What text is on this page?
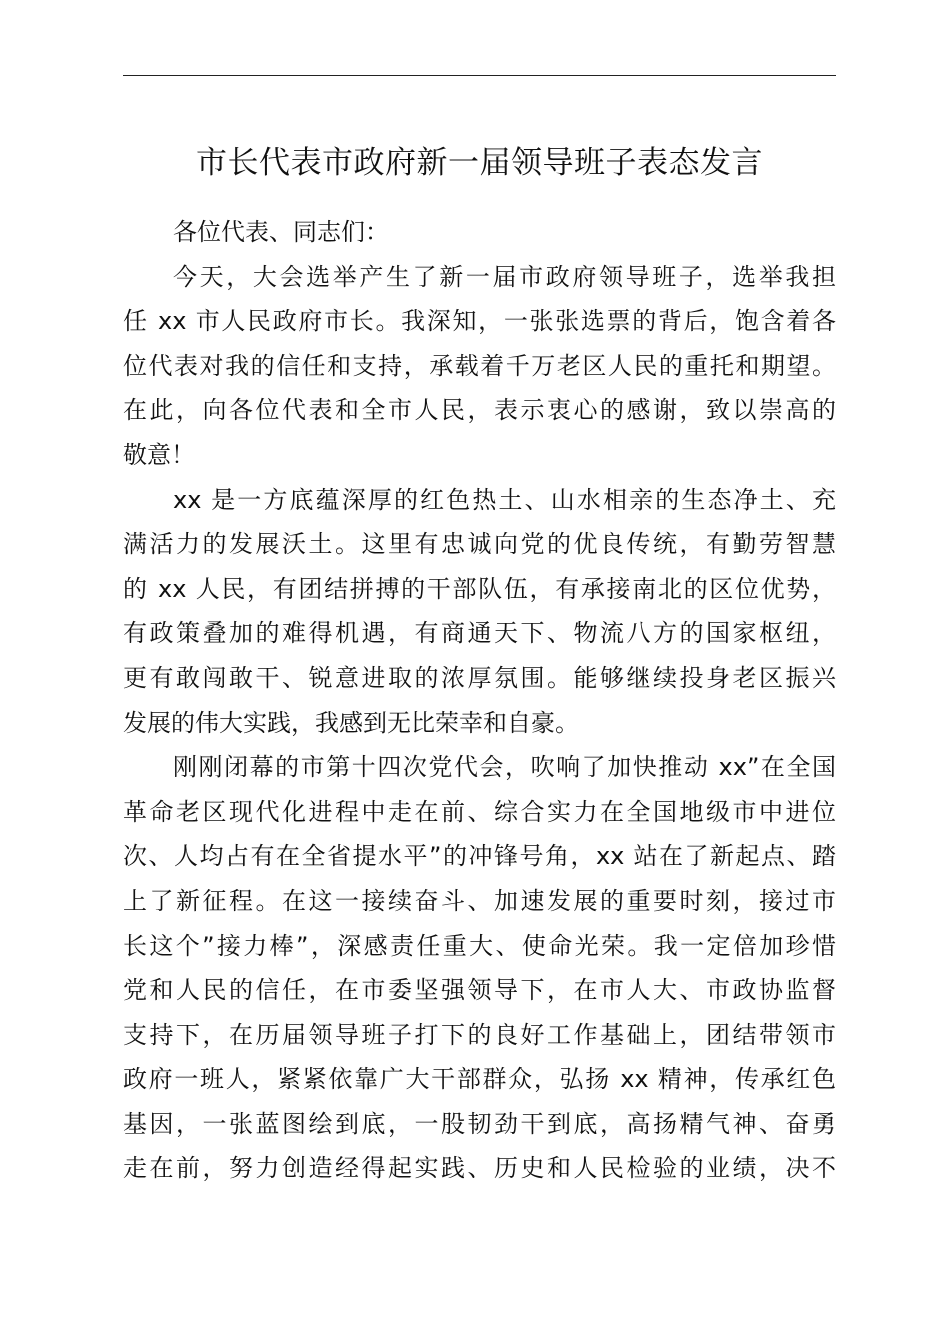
市长代表市政府新一届领导班子表态发言
各位代表、同志们：
今天，大会选举产生了新一届市政府领导班子，选举我担
任 xx 市人民政府市长。我深知，一张张选票的背后，饱含着各
位代表对我的信任和支持，承载着千万老区人民的重托和期望。
在此，向各位代表和全市人民，表示衷心的感谢，致以崇高的
敬意！
xx 是一方底蕴深厚的红色热土、山水相亲的生态净土、充
满活力的发展沃土。这里有忠诚向党的优良传统，有勤劳智慧
的 xx 人民，有团结拼搏的干部队伍，有承接南北的区位优势，
有政策叠加的难得机遇，有商通天下、物流八方的国家枢纽，
更有敢闯敢干、锐意进取的浓厚氛围。能够继续投身老区振兴
发展的伟大实践，我感到无比荣幸和自豪。
刚刚闭幕的市第十四次党代会，吹响了加快推动 xx”在全国
革命老区现代化进程中走在前、综合实力在全国地级市中进位
次、人均占有在全省提水平”的冲锋号角，xx 站在了新起点、踏
上了新征程。在这一接续奋斗、加速发展的重要时刻，接过市
长这个”接力棒”，深感责任重大、使命光荣。我一定倍加珍惜
党和人民的信任，在市委坚强领导下，在市人大、市政协监督
支持下，在历届领导班子打下的良好工作基础上，团结带领市
政府一班人，紧紧依靠广大干部群众，弘扬 xx 精神，传承红色
基因，一张蓝图绘到底，一股韧劲干到底，高扬精气神、奋勇
走在前，努力创造经得起实践、历史和人民检验的业绩，决不
